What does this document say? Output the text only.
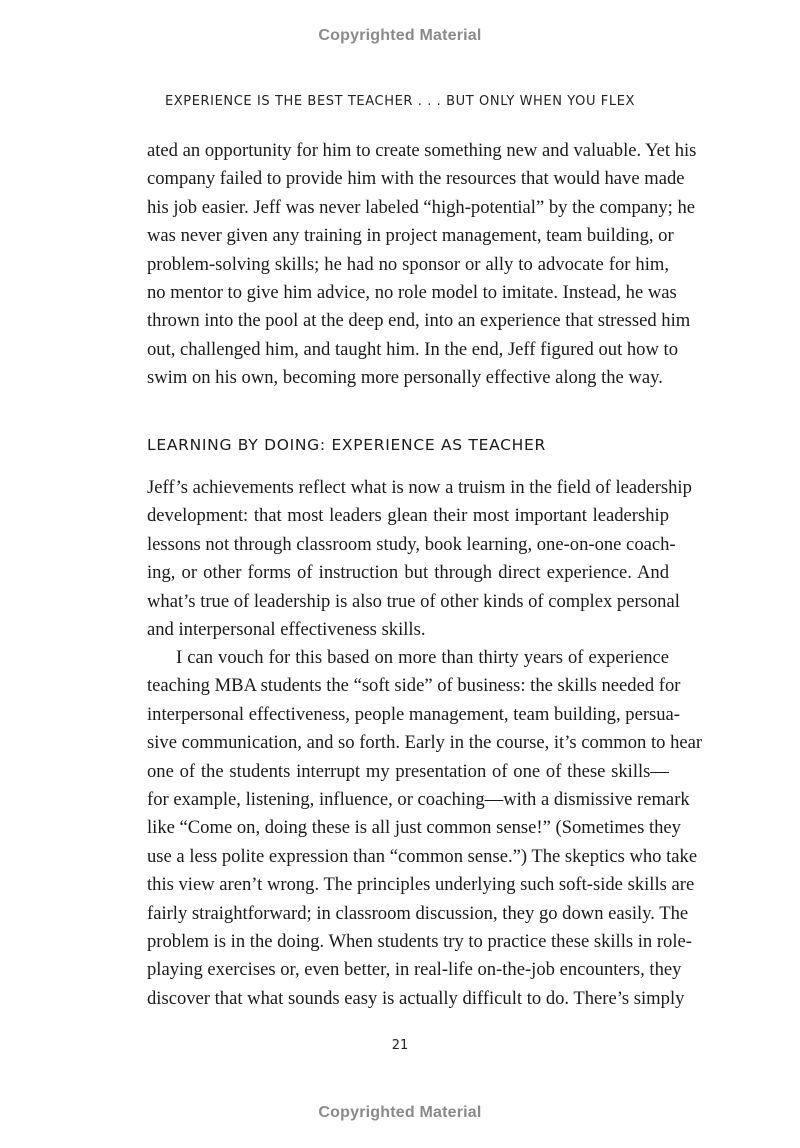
Copyrighted Material
EXPERIENCE IS THE BEST TEACHER . . . BUT ONLY WHEN YOU FLEX
ated an opportunity for him to create something new and valuable. Yet his
company failed to provide him with the resources that would have made
his job easier. Jeff was never labeled “high-potential” by the company; he
was never given any training in project management, team building, or
problem-solving skills; he had no sponsor or ally to advocate for him,
no mentor to give him advice, no role model to imitate. Instead, he was
thrown into the pool at the deep end, into an experience that stressed him
out, challenged him, and taught him. In the end, Jeff figured out how to
swim on his own, becoming more personally effective along the way.
LEARNING BY DOING: EXPERIENCE AS TEACHER
Jeff’s achievements reflect what is now a truism in the field of leadership
development: that most leaders glean their most important leadership
lessons not through classroom study, book learning, one-on-one coach-
ing, or other forms of instruction but through direct experience. And
what’s true of leadership is also true of other kinds of complex personal
and interpersonal effectiveness skills.
I can vouch for this based on more than thirty years of experience
teaching MBA students the “soft side” of business: the skills needed for
interpersonal effectiveness, people management, team building, persua-
sive communication, and so forth. Early in the course, it’s common to hear
one of the students interrupt my presentation of one of these skills—
for example, listening, influence, or coaching—with a dismissive remark
like “Come on, doing these is all just common sense!” (Sometimes they
use a less polite expression than “common sense.”) The skeptics who take
this view aren’t wrong. The principles underlying such soft-side skills are
fairly straightforward; in classroom discussion, they go down easily. The
problem is in the doing. When students try to practice these skills in role-
playing exercises or, even better, in real-life on-the-job encounters, they
discover that what sounds easy is actually difficult to do. There’s simply
21
Copyrighted Material
